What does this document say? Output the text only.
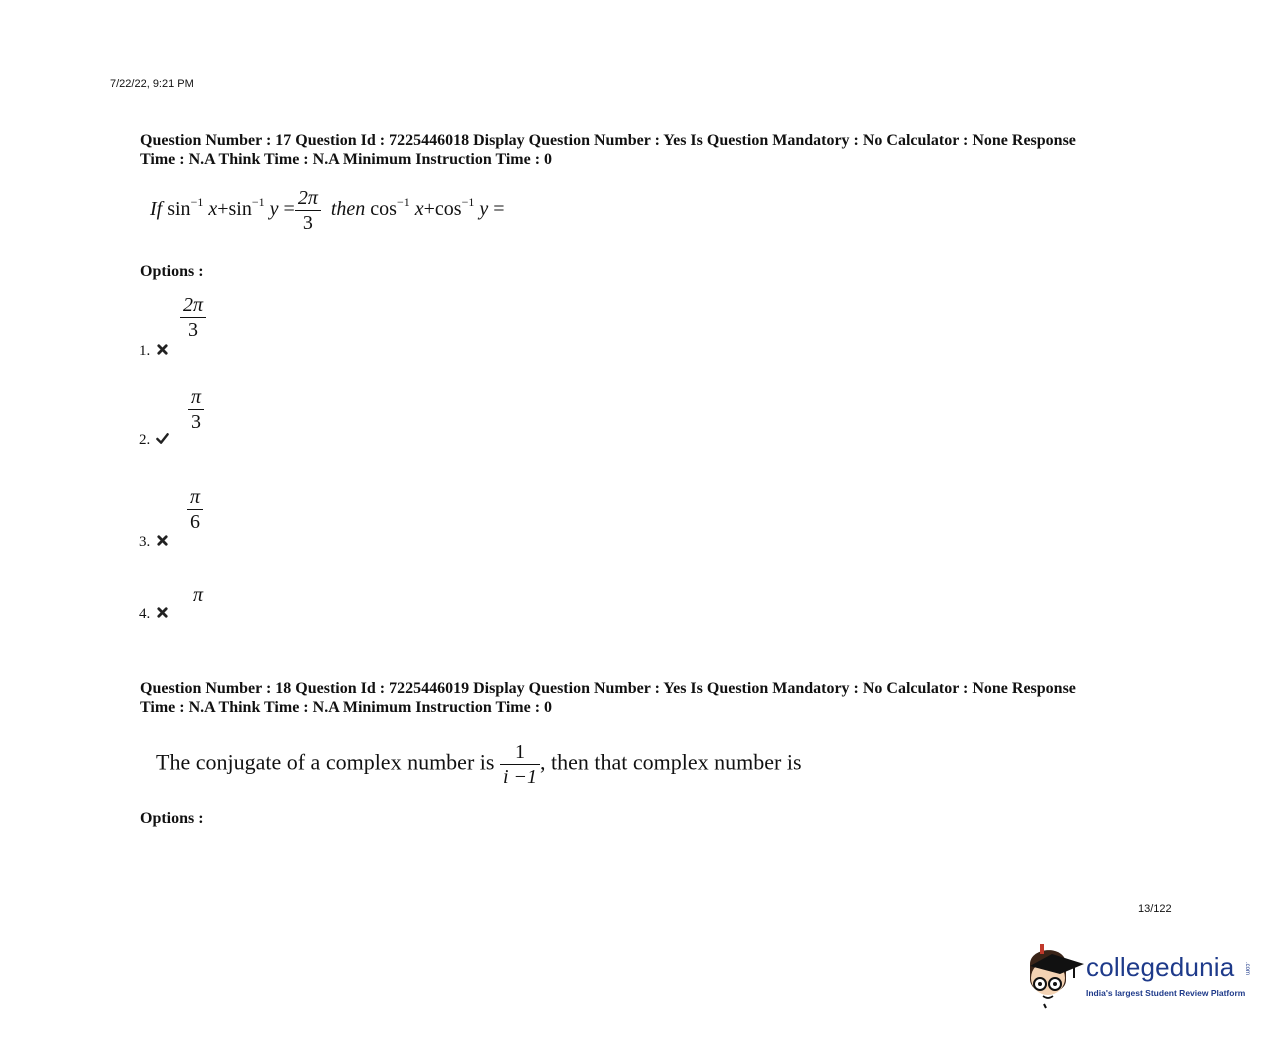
7/22/22, 9:21 PM
Question Number : 17 Question Id : 7225446018 Display Question Number : Yes Is Question Mandatory : No Calculator : None Response
Time : N.A Think Time : N.A Minimum Instruction Time : 0
If $\sin^{-1} x+\sin^{-1}$ $y = \frac{2\pi}{3}$ then $\cos^{-1} x+\cos^{-1}$ y =
Options :
$\frac{2\pi}{3}$
1.
$\frac{\pi}{3}$
2.
$\frac{\pi}{6}$
3.
π
4.
Question Number : 18 Question Id : 7225446019 Display Question Number : Yes Is Question Mandatory : No Calculator : None Response
Time : N.A Think Time : N.A Minimum Instruction Time : 0
The conjugate of a complex number is $\frac{1}{i -1}$ , then that complex number is
Options :
13/122
collegedunia .com
India's largest Student Review Platform
